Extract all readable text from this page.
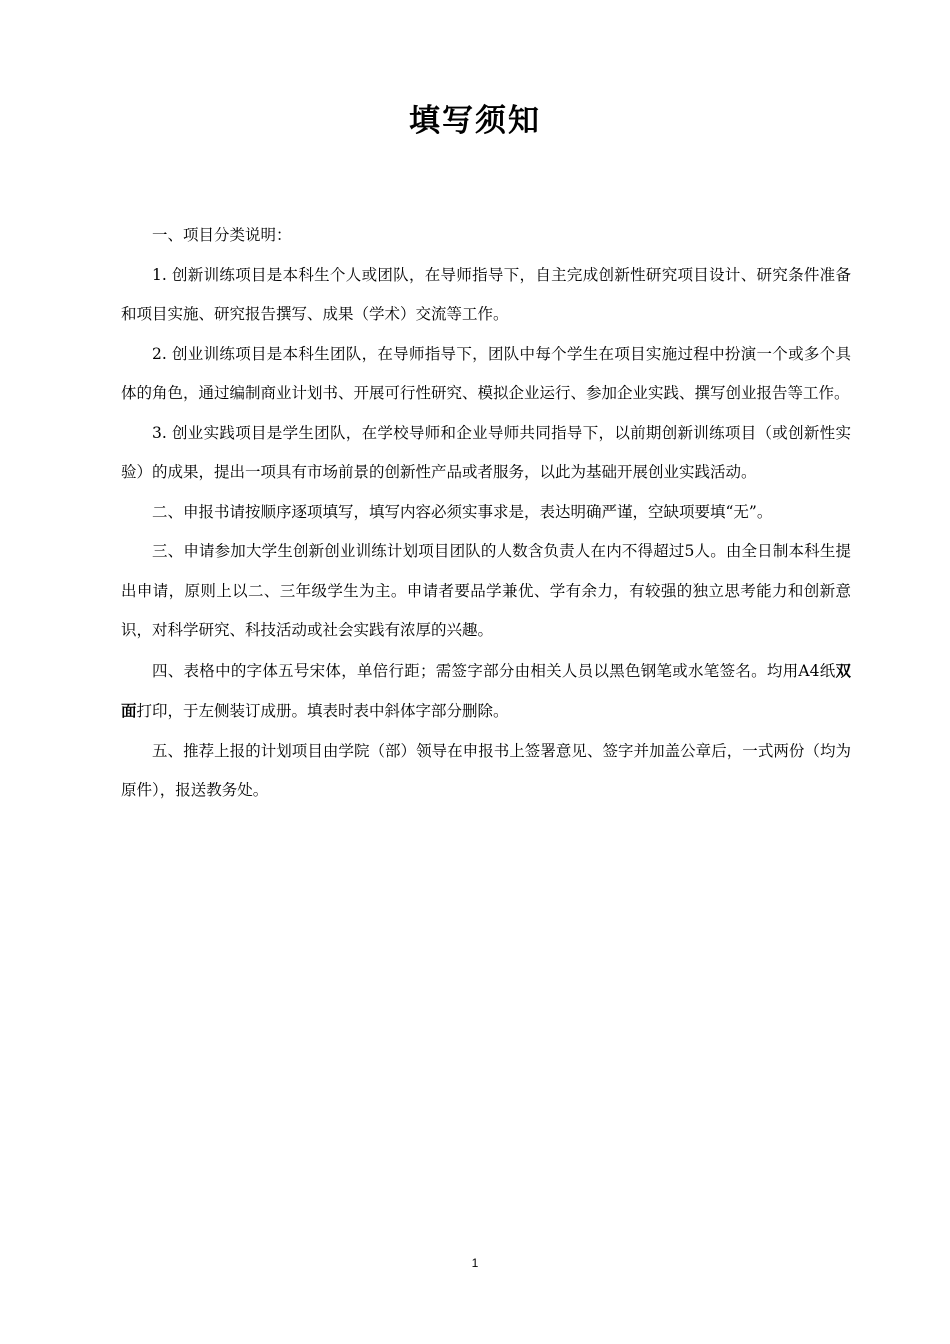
填写须知

一、项目分类说明：

1. 创新训练项目是本科生个人或团队，在导师指导下，自主完成创新性研究项目设计、研究条件准备和项目实施、研究报告撰写、成果（学术）交流等工作。

2. 创业训练项目是本科生团队，在导师指导下，团队中每个学生在项目实施过程中扮演一个或多个具体的角色，通过编制商业计划书、开展可行性研究、模拟企业运行、参加企业实践、撰写创业报告等工作。

3. 创业实践项目是学生团队，在学校导师和企业导师共同指导下，以前期创新训练项目（或创新性实验）的成果，提出一项具有市场前景的创新性产品或者服务，以此为基础开展创业实践活动。

二、申报书请按顺序逐项填写，填写内容必须实事求是，表达明确严谨，空缺项要填“无”。

三、申请参加大学生创新创业训练计划项目团队的人数含负责人在内不得超过5人。由全日制本科生提出申请，原则上以二、三年级学生为主。申请者要品学兼优、学有余力，有较强的独立思考能力和创新意识，对科学研究、科技活动或社会实践有浓厚的兴趣。

四、表格中的字体五号宋体，单倍行距；需签字部分由相关人员以黑色钢笔或水笔签名。均用A4纸双面打印，于左侧装订成册。填表时表中斜体字部分删除。

五、推荐上报的计划项目由学院（部）领导在申报书上签署意见、签字并加盖公章后，一式两份（均为原件），报送教务处。

1
